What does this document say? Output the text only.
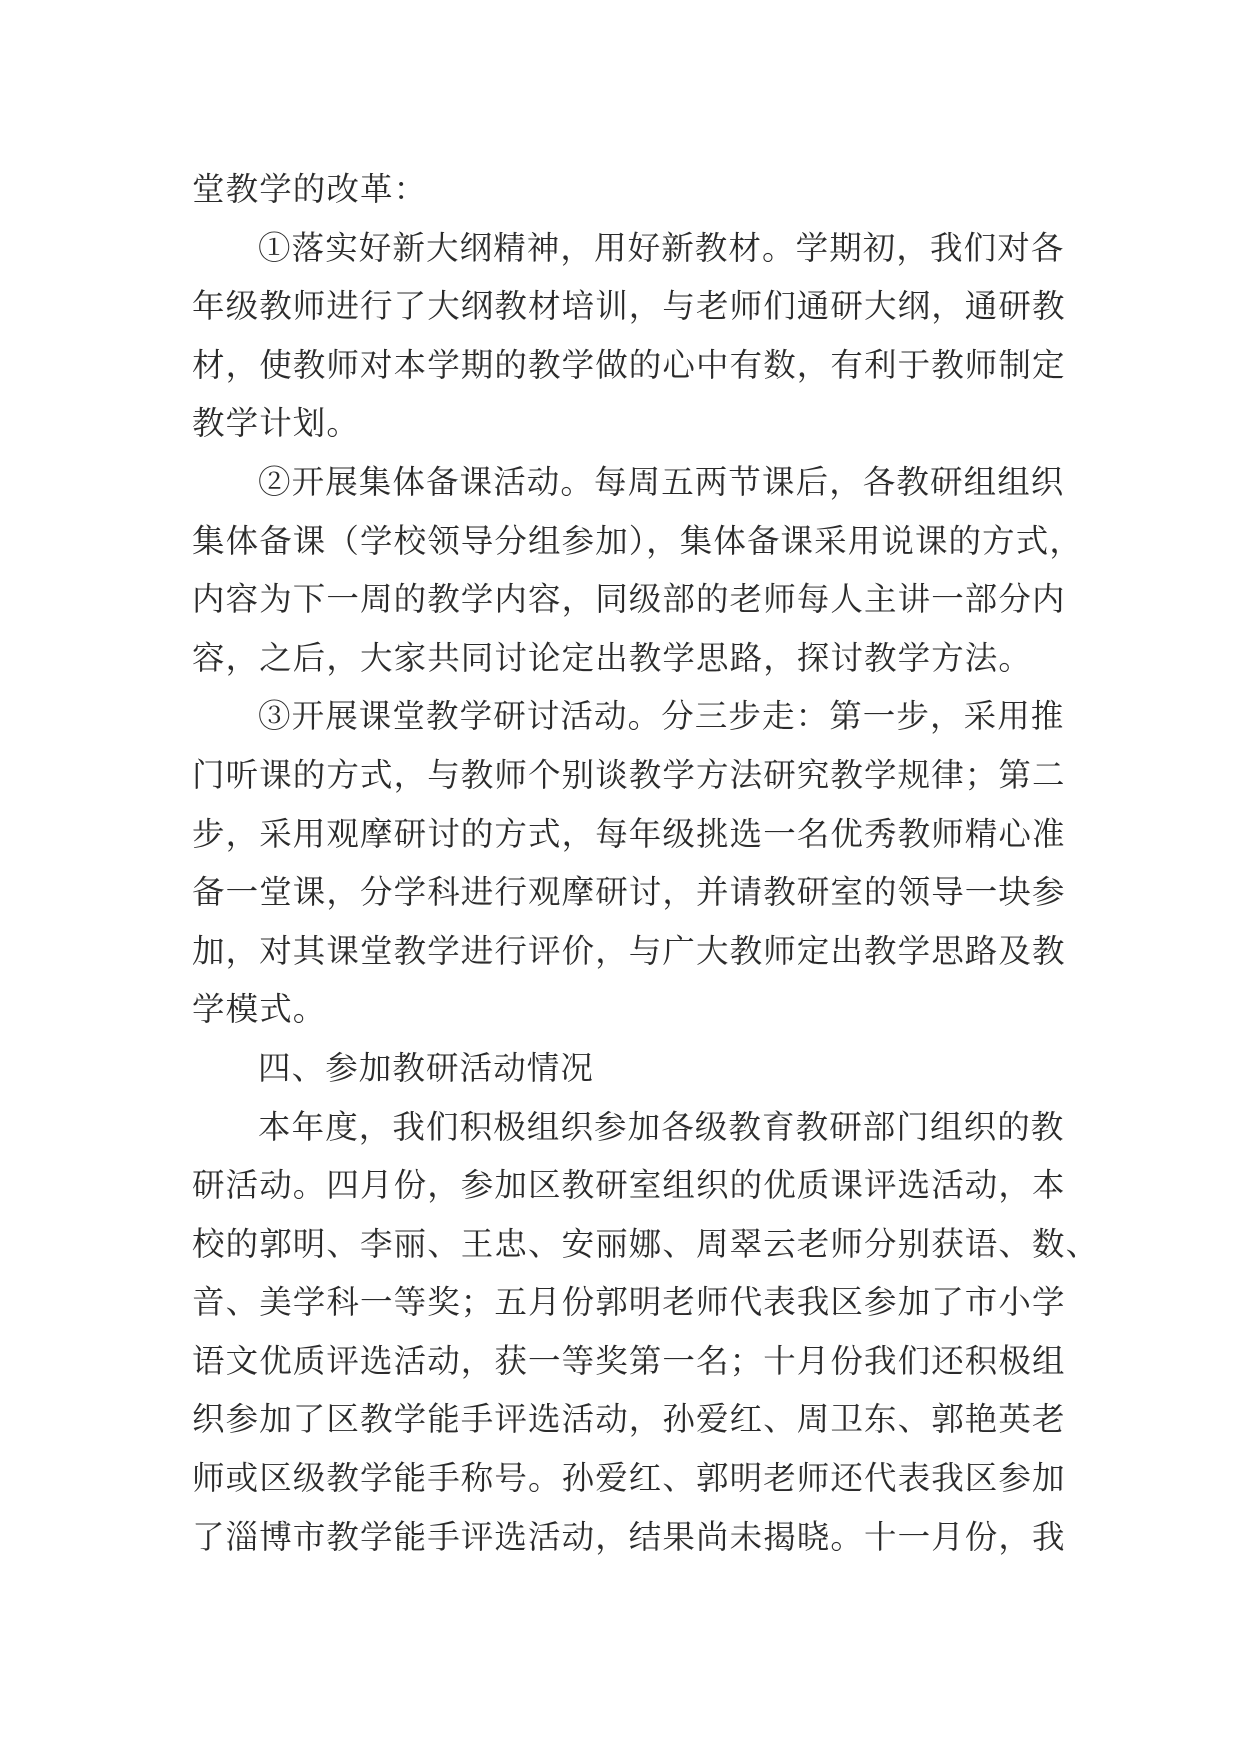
堂教学的改革：
①落实好新大纲精神，用好新教材。学期初，我们对各
年级教师进行了大纲教材培训，与老师们通研大纲，通研教
材，使教师对本学期的教学做的心中有数，有利于教师制定
教学计划。
②开展集体备课活动。每周五两节课后，各教研组组织
集体备课（学校领导分组参加），集体备课采用说课的方式，
内容为下一周的教学内容，同级部的老师每人主讲一部分内
容，之后，大家共同讨论定出教学思路，探讨教学方法。
③开展课堂教学研讨活动。分三步走：第一步，采用推
门听课的方式，与教师个别谈教学方法研究教学规律；第二
步，采用观摩研讨的方式，每年级挑选一名优秀教师精心准
备一堂课，分学科进行观摩研讨，并请教研室的领导一块参
加，对其课堂教学进行评价，与广大教师定出教学思路及教
学模式。
四、参加教研活动情况
本年度，我们积极组织参加各级教育教研部门组织的教
研活动。四月份，参加区教研室组织的优质课评选活动，本
校的郭明、李丽、王忠、安丽娜、周翠云老师分别获语、数、
音、美学科一等奖；五月份郭明老师代表我区参加了市小学
语文优质评选活动，获一等奖第一名；十月份我们还积极组
织参加了区教学能手评选活动，孙爱红、周卫东、郭艳英老
师或区级教学能手称号。孙爱红、郭明老师还代表我区参加
了淄博市教学能手评选活动，结果尚未揭晓。十一月份，我
